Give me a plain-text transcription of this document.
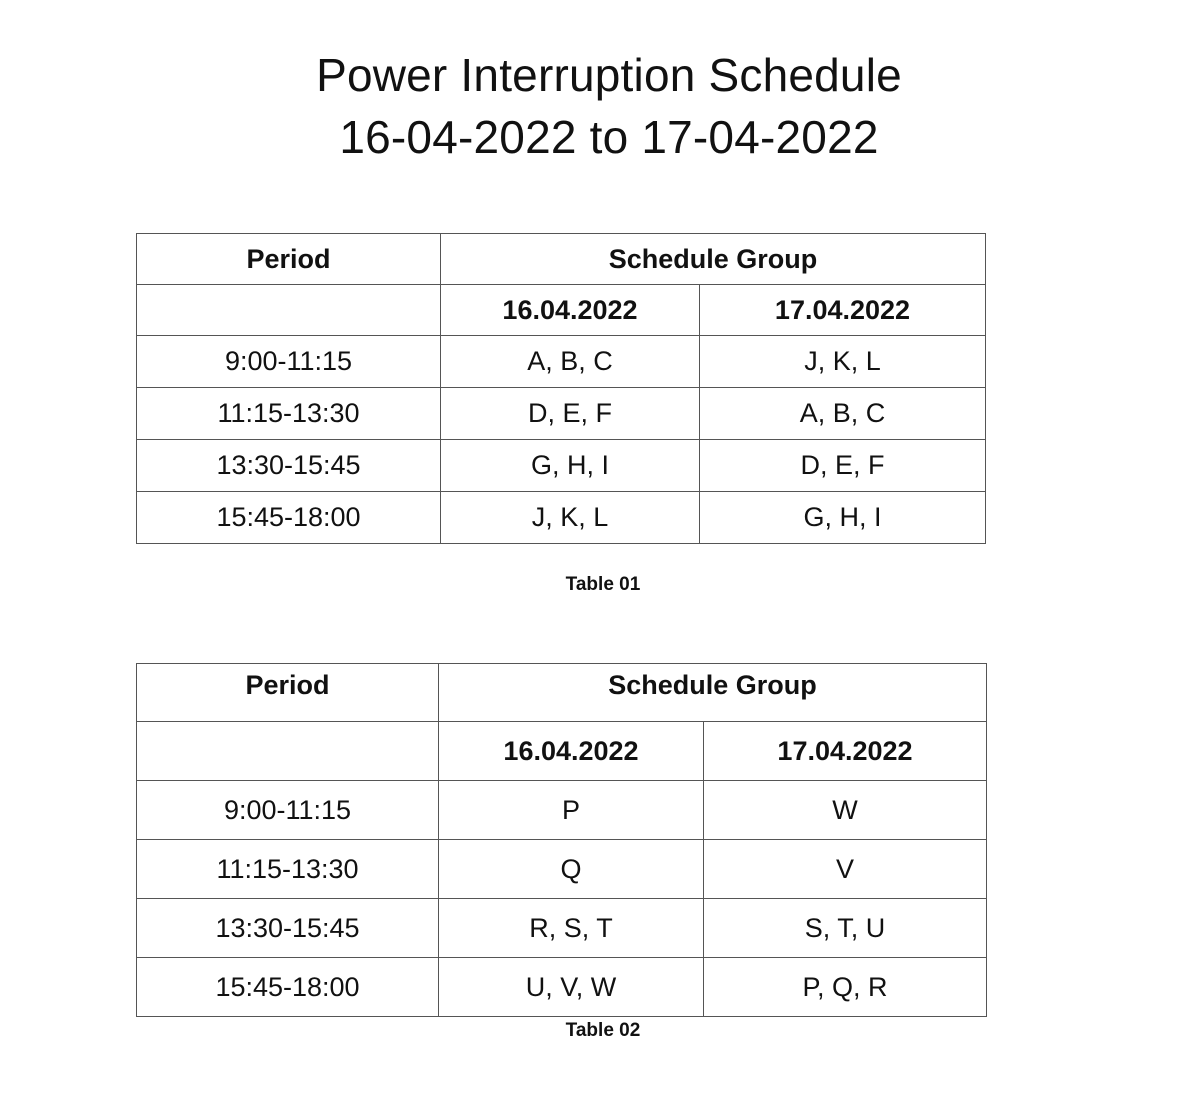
Power Interruption Schedule
16-04-2022 to 17-04-2022
Period	Schedule Group	
	16.04.2022	17.04.2022
9:00-11:15	A, B, C	J, K, L
11:15-13:30	D, E, F	A, B, C
13:30-15:45	G, H, I	D, E, F
15:45-18:00	J, K, L	G, H, I
Table 01
Period	Schedule Group	
	16.04.2022	17.04.2022
9:00-11:15	P	W
11:15-13:30	Q	V
13:30-15:45	R, S, T	S, T, U
15:45-18:00	U, V, W	P, Q, R
Table 02
